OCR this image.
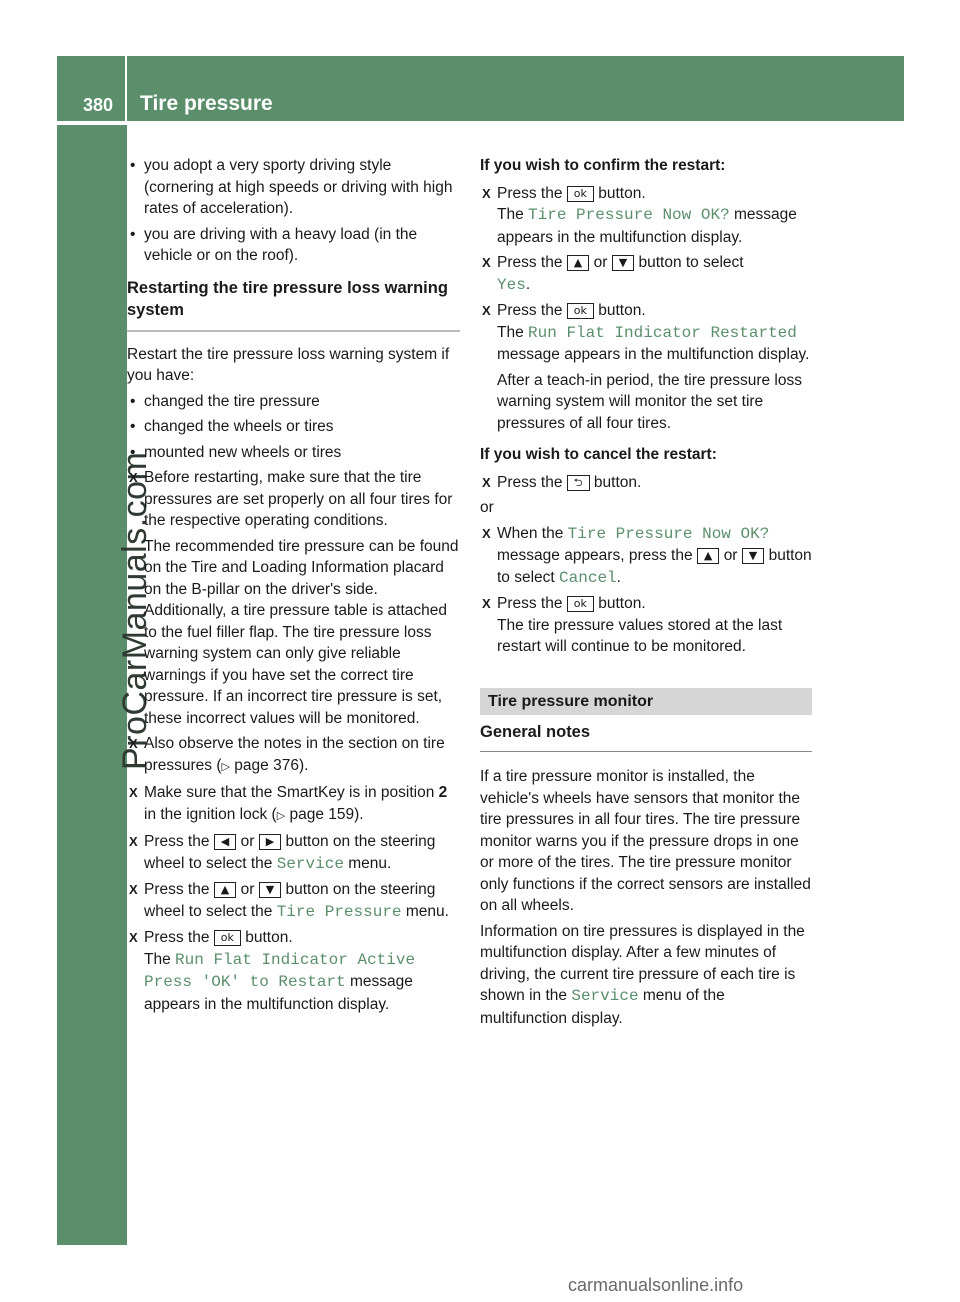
380 Tire pressure
ProCarManuals.com
• you adopt a very sporty driving style (cornering at high speeds or driving with high rates of acceleration).
• you are driving with a heavy load (in the vehicle or on the roof).
Restarting the tire pressure loss warning system
Restart the tire pressure loss warning system if you have:
• changed the tire pressure
• changed the wheels or tires
• mounted new wheels or tires
X Before restarting, make sure that the tire pressures are set properly on all four tires for the respective operating conditions.
The recommended tire pressure can be found on the Tire and Loading Information placard on the B-pillar on the driver's side. Additionally, a tire pressure table is attached to the fuel filler flap. The tire pressure loss warning system can only give reliable warnings if you have set the correct tire pressure. If an incorrect tire pressure is set, these incorrect values will be monitored.
X Also observe the notes in the section on tire pressures (▷ page 376).
X Make sure that the SmartKey is in position 2 in the ignition lock (▷ page 159).
X Press the ◀ or ▶ button on the steering wheel to select the Service menu.
X Press the ▲ or ▼ button on the steering wheel to select the Tire Pressure menu.
X Press the ok button.
The Run Flat Indicator Active Press 'OK' to Restart message appears in the multifunction display.
If you wish to confirm the restart:
X Press the ok button.
The Tire Pressure Now OK? message appears in the multifunction display.
X Press the ▲ or ▼ button to select
Yes.
X Press the ok button.
The Run Flat Indicator Restarted message appears in the multifunction display.
After a teach-in period, the tire pressure loss warning system will monitor the set tire pressures of all four tires.
If you wish to cancel the restart:
X Press the ⮌ button.
or
X When the Tire Pressure Now OK? message appears, press the ▲ or ▼ button to select Cancel.
X Press the ok button.
The tire pressure values stored at the last restart will continue to be monitored.
Tire pressure monitor
General notes
If a tire pressure monitor is installed, the vehicle's wheels have sensors that monitor the tire pressures in all four tires. The tire pressure monitor warns you if the pressure drops in one or more of the tires. The tire pressure monitor only functions if the correct sensors are installed on all wheels.
Information on tire pressures is displayed in the multifunction display. After a few minutes of driving, the current tire pressure of each tire is shown in the Service menu of the multifunction display.
carmanualsonline.info
